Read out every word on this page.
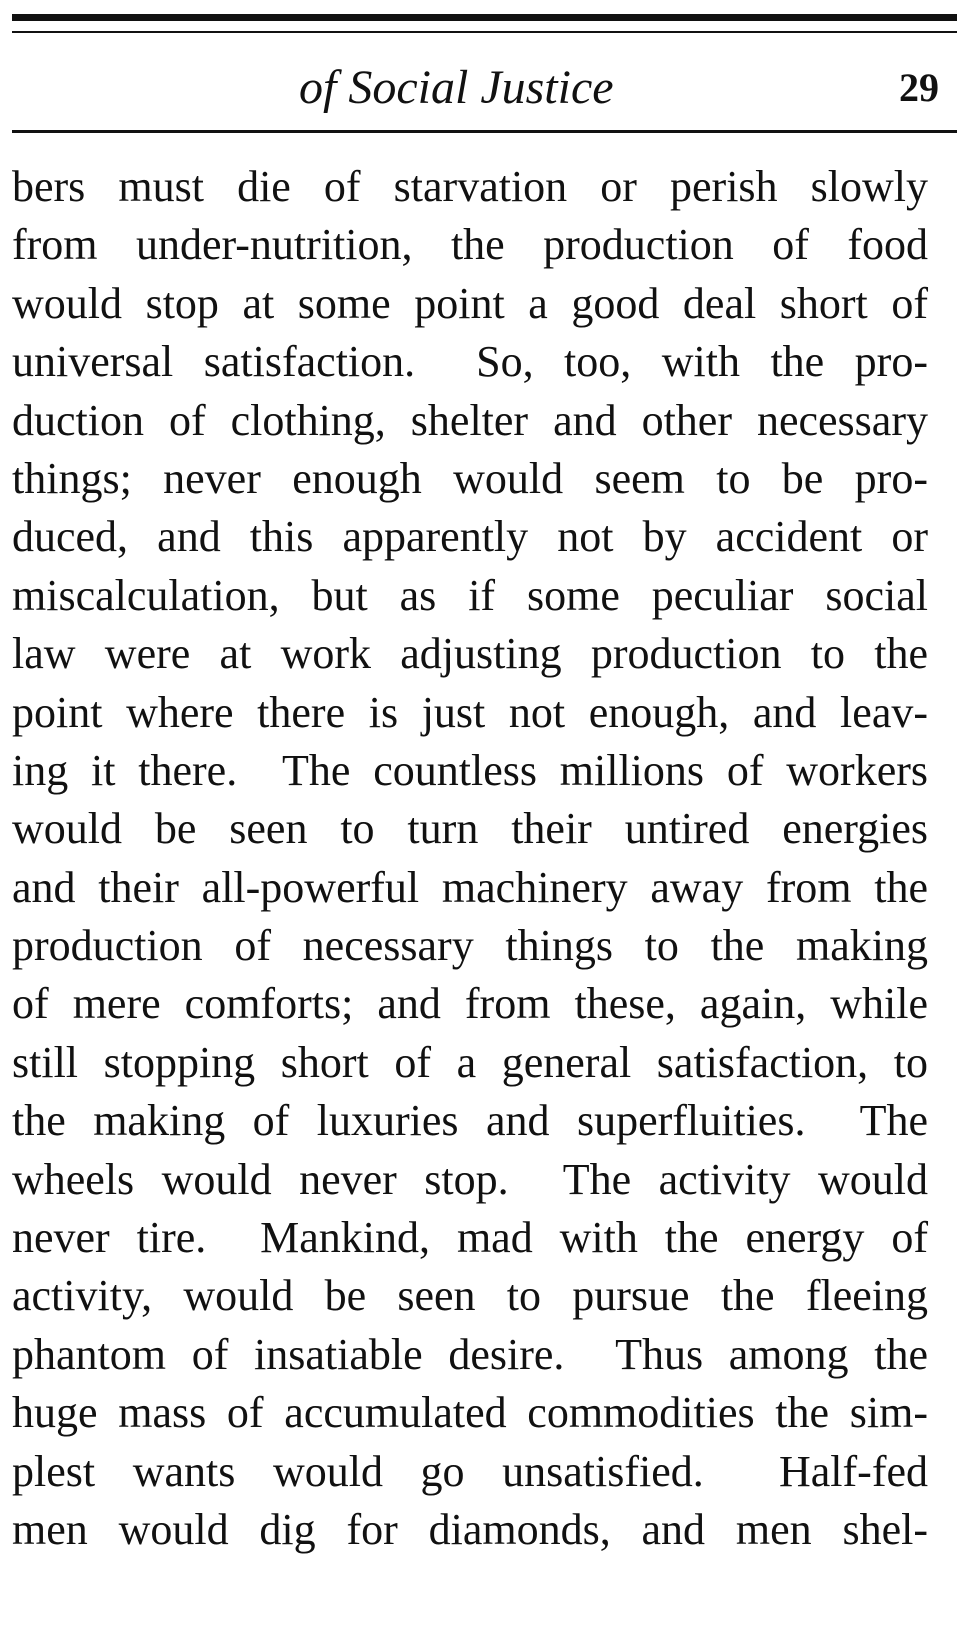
of Social Justice	29
bers must die of starvation or perish slowly
from under-nutrition, the production of food
would stop at some point a good deal short of
universal satisfaction.  So, too, with the pro-
duction of clothing, shelter and other necessary
things; never enough would seem to be pro-
duced, and this apparently not by accident or
miscalculation, but as if some peculiar social
law were at work adjusting production to the
point where there is just not enough, and leav-
ing it there.  The countless millions of workers
would be seen to turn their untired energies
and their all-powerful machinery away from the
production of necessary things to the making
of mere comforts; and from these, again, while
still stopping short of a general satisfaction, to
the making of luxuries and superfluities.  The
wheels would never stop.  The activity would
never tire.  Mankind, mad with the energy of
activity, would be seen to pursue the fleeing
phantom of insatiable desire.  Thus among the
huge mass of accumulated commodities the sim-
plest wants would go unsatisfied.  Half-fed
men would dig for diamonds, and men shel-
